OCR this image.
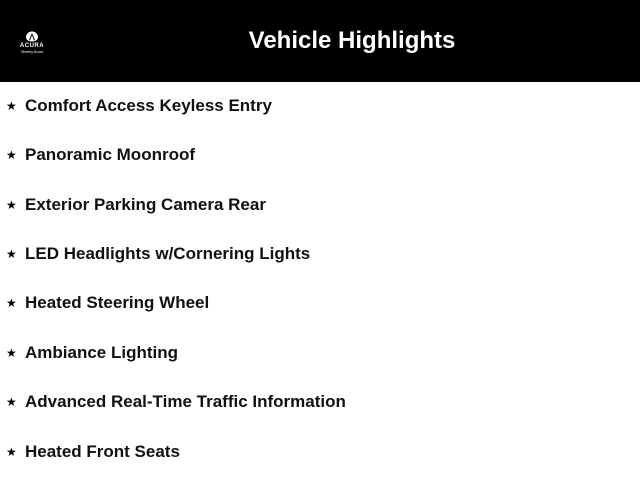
ACURA
Sheehy Acura	Vehicle Highlights
★ Comfort Access Keyless Entry
★ Panoramic Moonroof
★ Exterior Parking Camera Rear
★ LED Headlights w/Cornering Lights
★ Heated Steering Wheel
★ Ambiance Lighting
★ Advanced Real-Time Traffic Information
★ Heated Front Seats
